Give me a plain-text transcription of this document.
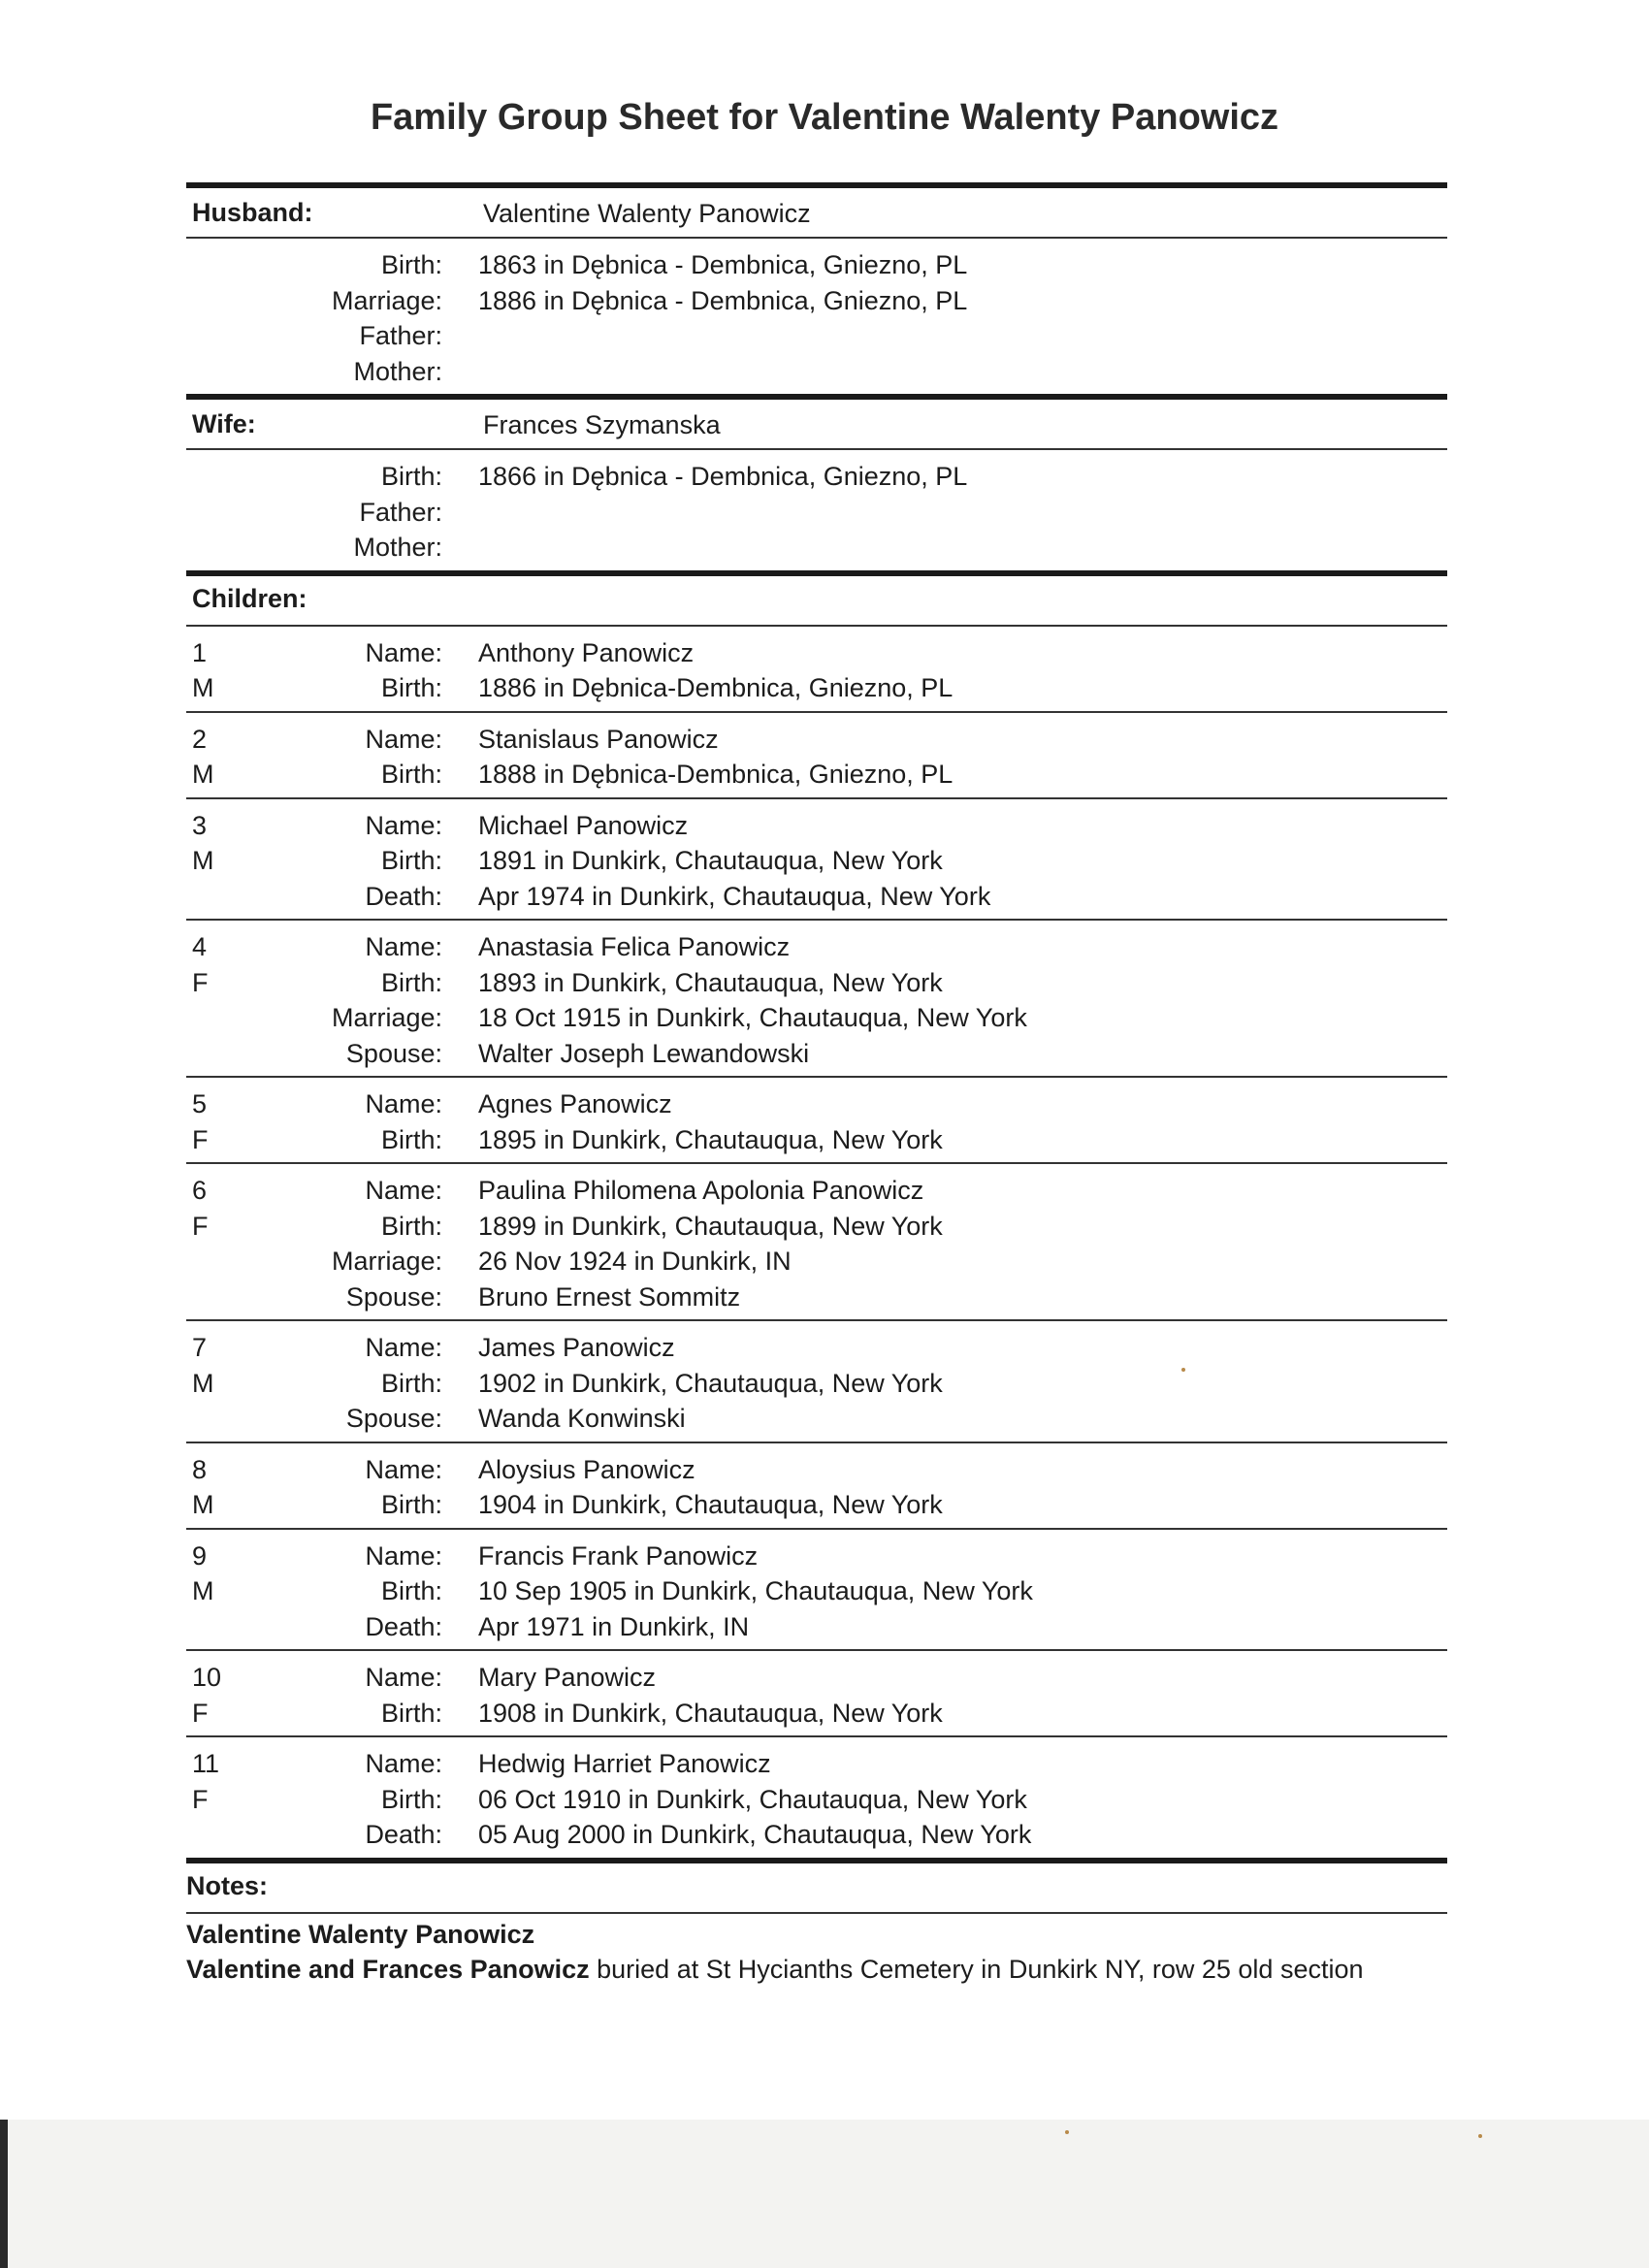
Family Group Sheet for Valentine Walenty Panowicz
Husband:	Valentine Walenty Panowicz
Birth: 1863 in Dębnica - Dembnica, Gniezno, PL
Marriage: 1886 in Dębnica - Dembnica, Gniezno, PL
Father:
Mother:
Wife:	Frances Szymanska
Birth: 1866 in Dębnica - Dembnica, Gniezno, PL
Father:
Mother:
Children:
1	Name: Anthony Panowicz
M	Birth: 1886 in Dębnica-Dembnica, Gniezno, PL
2	Name: Stanislaus Panowicz
M	Birth: 1888 in Dębnica-Dembnica, Gniezno, PL
3	Name: Michael Panowicz
M	Birth: 1891 in Dunkirk, Chautauqua, New York
Death: Apr 1974 in Dunkirk, Chautauqua, New York
4	Name: Anastasia Felica Panowicz
F	Birth: 1893 in Dunkirk, Chautauqua, New York
Marriage: 18 Oct 1915 in Dunkirk, Chautauqua, New York
Spouse: Walter Joseph Lewandowski
5	Name: Agnes Panowicz
F	Birth: 1895 in Dunkirk, Chautauqua, New York
6	Name: Paulina Philomena Apolonia Panowicz
F	Birth: 1899 in Dunkirk, Chautauqua, New York
Marriage: 26 Nov 1924 in Dunkirk, IN
Spouse: Bruno Ernest Sommitz
7	Name: James Panowicz
M	Birth: 1902 in Dunkirk, Chautauqua, New York
Spouse: Wanda Konwinski
8	Name: Aloysius Panowicz
M	Birth: 1904 in Dunkirk, Chautauqua, New York
9	Name: Francis Frank Panowicz
M	Birth: 10 Sep 1905 in Dunkirk, Chautauqua, New York
Death: Apr 1971 in Dunkirk, IN
10	Name: Mary Panowicz
F	Birth: 1908 in Dunkirk, Chautauqua, New York
11	Name: Hedwig Harriet Panowicz
F	Birth: 06 Oct 1910 in Dunkirk, Chautauqua, New York
Death: 05 Aug 2000 in Dunkirk, Chautauqua, New York
Notes:
Valentine Walenty Panowicz
Valentine and Frances Panowicz buried at St Hycianths Cemetery in Dunkirk NY, row 25 old section
